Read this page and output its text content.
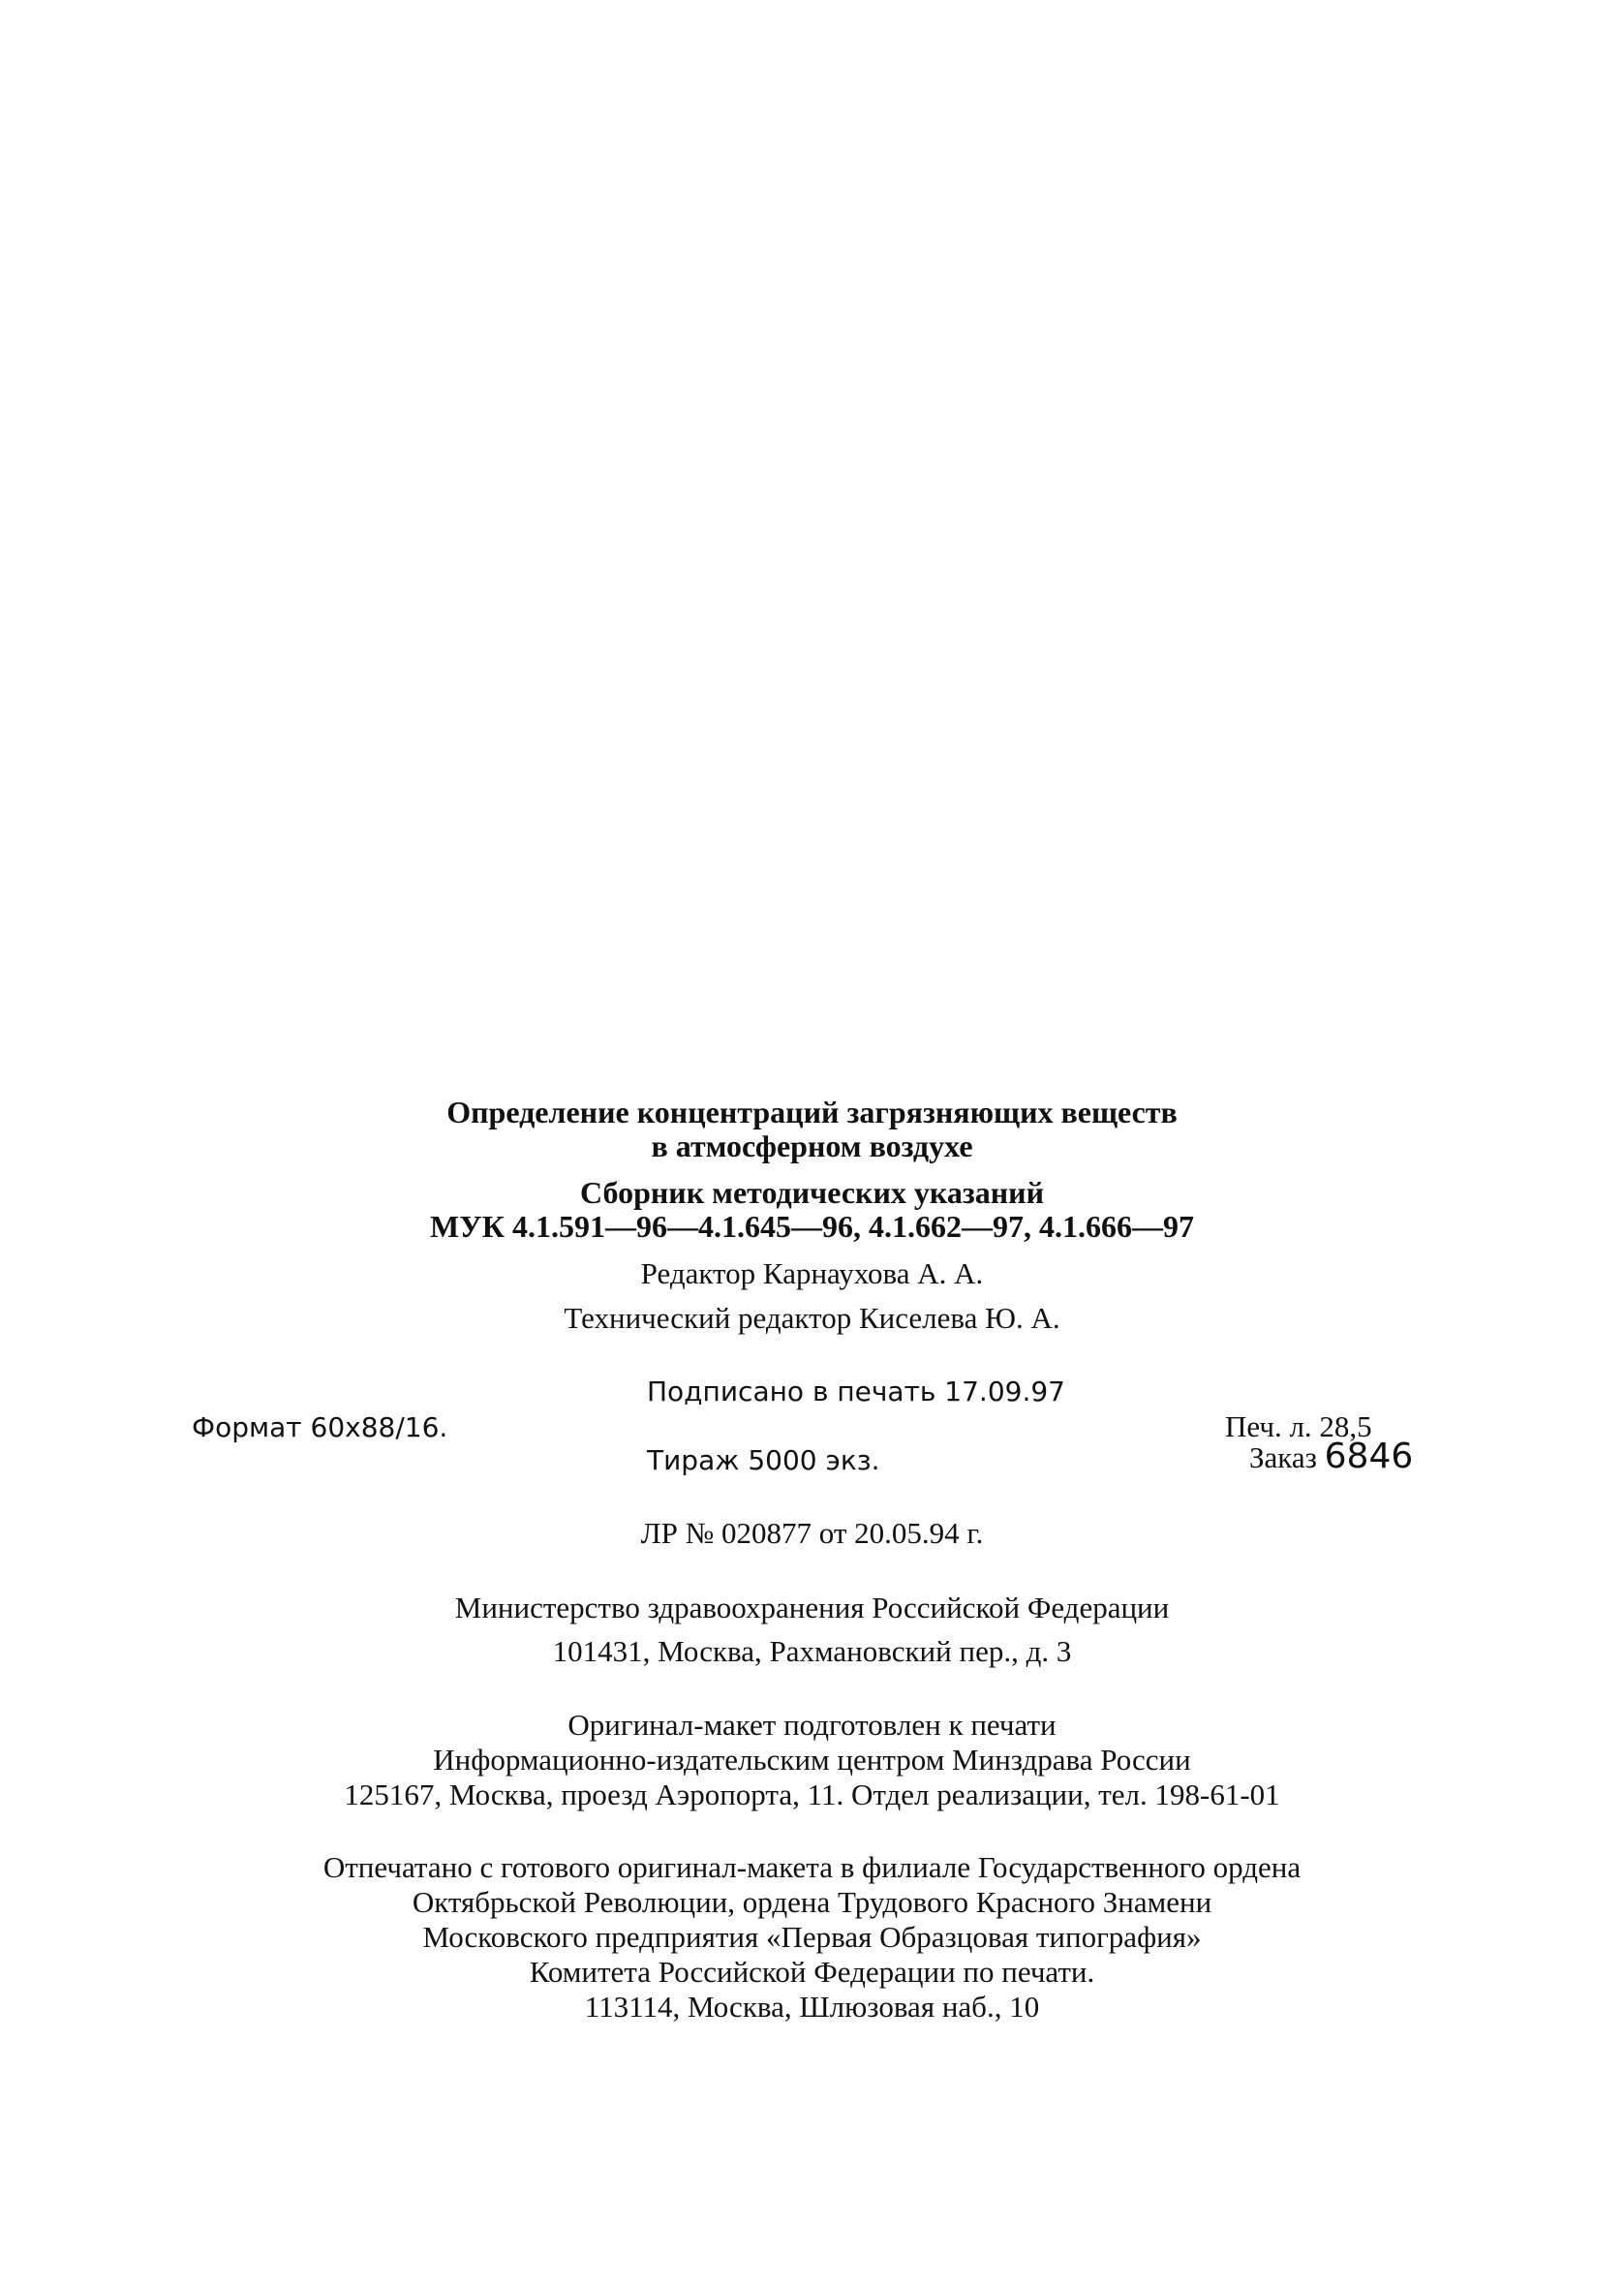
Определение концентраций загрязняющих веществ
в атмосферном воздухе
Сборник методических указаний
МУК 4.1.591—96—4.1.645—96, 4.1.662—97, 4.1.666—97
Редактор Карнаухова А. А.
Технический редактор Киселева Ю. А.
Подписано в печать 17.09.97
Формат 60х88/16.	Печ. л. 28,5
Тираж 5000 экз.	Заказ 6846
ЛР № 020877 от 20.05.94 г.
Министерство здравоохранения Российской Федерации
101431, Москва, Рахмановский пер., д. 3
Оригинал-макет подготовлен к печати
Информационно-издательским центром Минздрава России
125167, Москва, проезд Аэропорта, 11. Отдел реализации, тел. 198-61-01
Отпечатано с готового оригинал-макета в филиале Государственного ордена
Октябрьской Революции, ордена Трудового Красного Знамени
Московского предприятия «Первая Образцовая типография»
Комитета Российской Федерации по печати.
113114, Москва, Шлюзовая наб., 10
